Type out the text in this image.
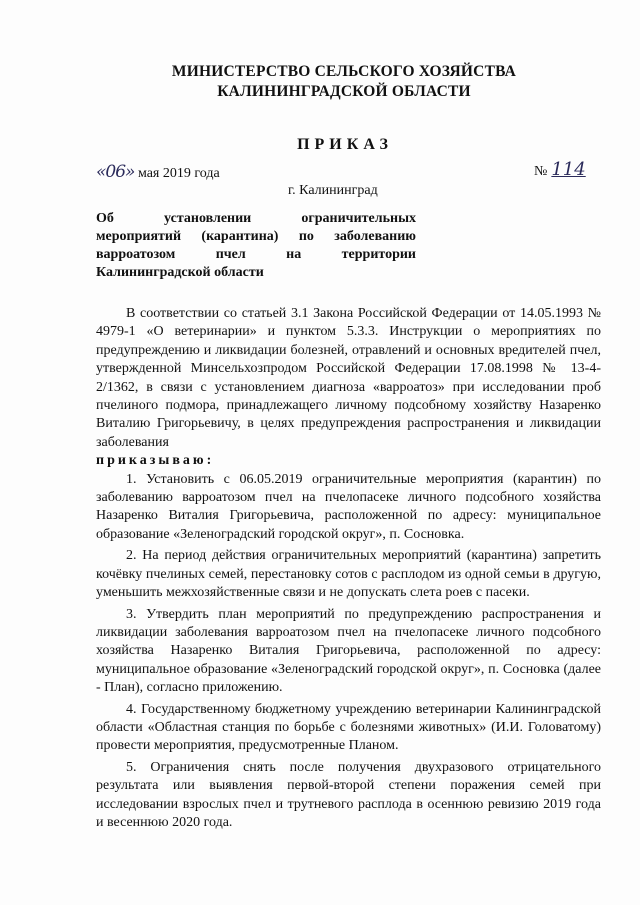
МИНИСТЕРСТВО СЕЛЬСКОГО ХОЗЯЙСТВА
КАЛИНИНГРАДСКОЙ ОБЛАСТИ
ПРИКАЗ
«06» мая 2019 года	№ 114
г. Калининград
Об установлении ограничительных
мероприятий (карантина) по заболеванию
варроатозом пчел на территории
Калининградской области

В соответствии со статьей 3.1 Закона Российской Федерации от 14.05.1993 № 4979-1 «О ветеринарии» и пунктом 5.3.3. Инструкции о мероприятиях по предупреждению и ликвидации болезней, отравлений и основных вредителей пчел, утвержденной Минсельхозпродом Российской Федерации 17.08.1998 № 13-4-2/1362, в связи с установлением диагноза «варроатоз» при исследовании проб пчелиного подмора, принадлежащего личному подсобному хозяйству Назаренко Виталию Григорьевичу, в целях предупреждения распространения и ликвидации заболевания

приказываю:

1. Установить с 06.05.2019 ограничительные мероприятия (карантин) по заболеванию варроатозом пчел на пчелопасеке личного подсобного хозяйства Назаренко Виталия Григорьевича, расположенной по адресу: муниципальное образование «Зеленоградский городской округ», п. Сосновка.

2. На период действия ограничительных мероприятий (карантина) запретить кочёвку пчелиных семей, перестановку сотов с расплодом из одной семьи в другую, уменьшить межхозяйственные связи и не допускать слета роев с пасеки.

3. Утвердить план мероприятий по предупреждению распространения и ликвидации заболевания варроатозом пчел на пчелопасеке личного подсобного хозяйства Назаренко Виталия Григорьевича, расположенной по адресу: муниципальное образование «Зеленоградский городской округ», п. Сосновка (далее - План), согласно приложению.

4. Государственному бюджетному учреждению ветеринарии Калининградской области «Областная станция по борьбе с болезнями животных» (И.И. Головатому) провести мероприятия, предусмотренные Планом.

5. Ограничения снять после получения двухразового отрицательного результата или выявления первой-второй степени поражения семей при исследовании взрослых пчел и трутневого расплода в осеннюю ревизию 2019 года и весеннюю 2020 года.
